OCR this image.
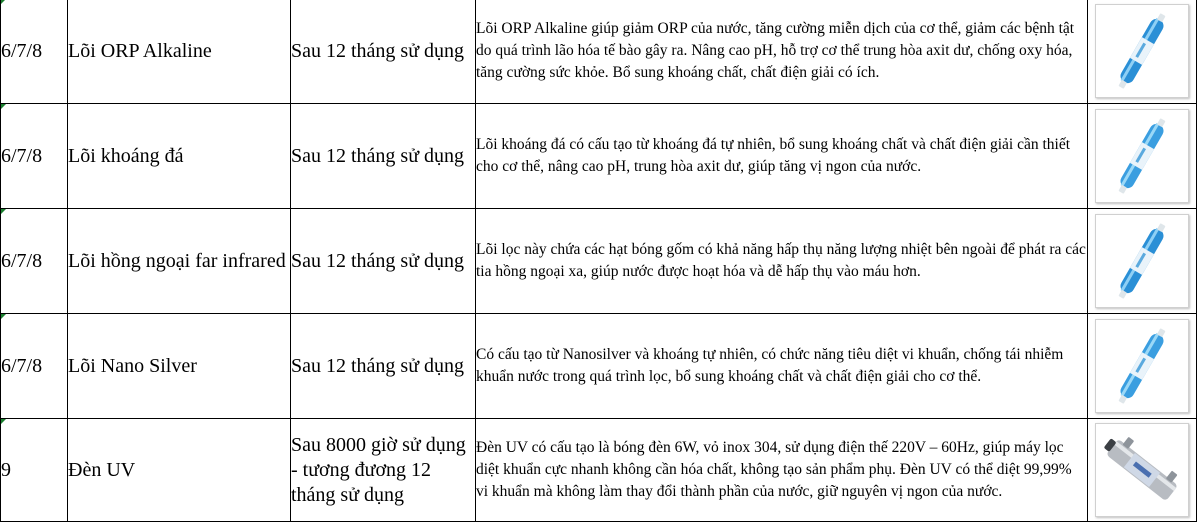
6/7/8	Lõi ORP Alkaline	Sau 12 tháng sử dụng	Lõi ORP Alkaline giúp giảm ORP của nước, tăng cường miễn dịch của cơ thể, giảm các bệnh tật do quá trình lão hóa tế bào gây ra. Nâng cao pH, hỗ trợ cơ thể trung hòa axit dư, chống oxy hóa, tăng cường sức khỏe. Bổ sung khoáng chất, chất điện giải có ích.	

6/7/8	Lõi khoáng đá	Sau 12 tháng sử dụng	Lõi khoáng đá có cấu tạo từ khoáng đá tự nhiên, bổ sung khoáng chất và chất điện giải cần thiết cho cơ thể, nâng cao pH, trung hòa axit dư, giúp tăng vị ngon của nước.	

6/7/8	Lõi hồng ngoại far infrared	Sau 12 tháng sử dụng	Lõi lọc này chứa các hạt bóng gốm có khả năng hấp thụ năng lượng nhiệt bên ngoài để phát ra các tia hồng ngoại xa, giúp nước được hoạt hóa và dễ hấp thụ vào máu hơn.	

6/7/8	Lõi Nano Silver	Sau 12 tháng sử dụng	Có cấu tạo từ Nanosilver và khoáng tự nhiên, có chức năng tiêu diệt vi khuẩn, chống tái nhiễm khuẩn nước trong quá trình lọc, bổ sung khoáng chất và chất điện giải cho cơ thể.	

9	Đèn UV	Sau 8000 giờ sử dụng - tương đương 12 tháng sử dụng	Đèn UV có cấu tạo là bóng đèn 6W, vỏ inox 304, sử dụng điện thế 220V – 60Hz, giúp máy lọc diệt khuẩn cực nhanh không cần hóa chất, không tạo sản phẩm phụ. Đèn UV có thể diệt 99,99% vi khuẩn mà không làm thay đổi thành phần của nước, giữ nguyên vị ngon của nước.	
